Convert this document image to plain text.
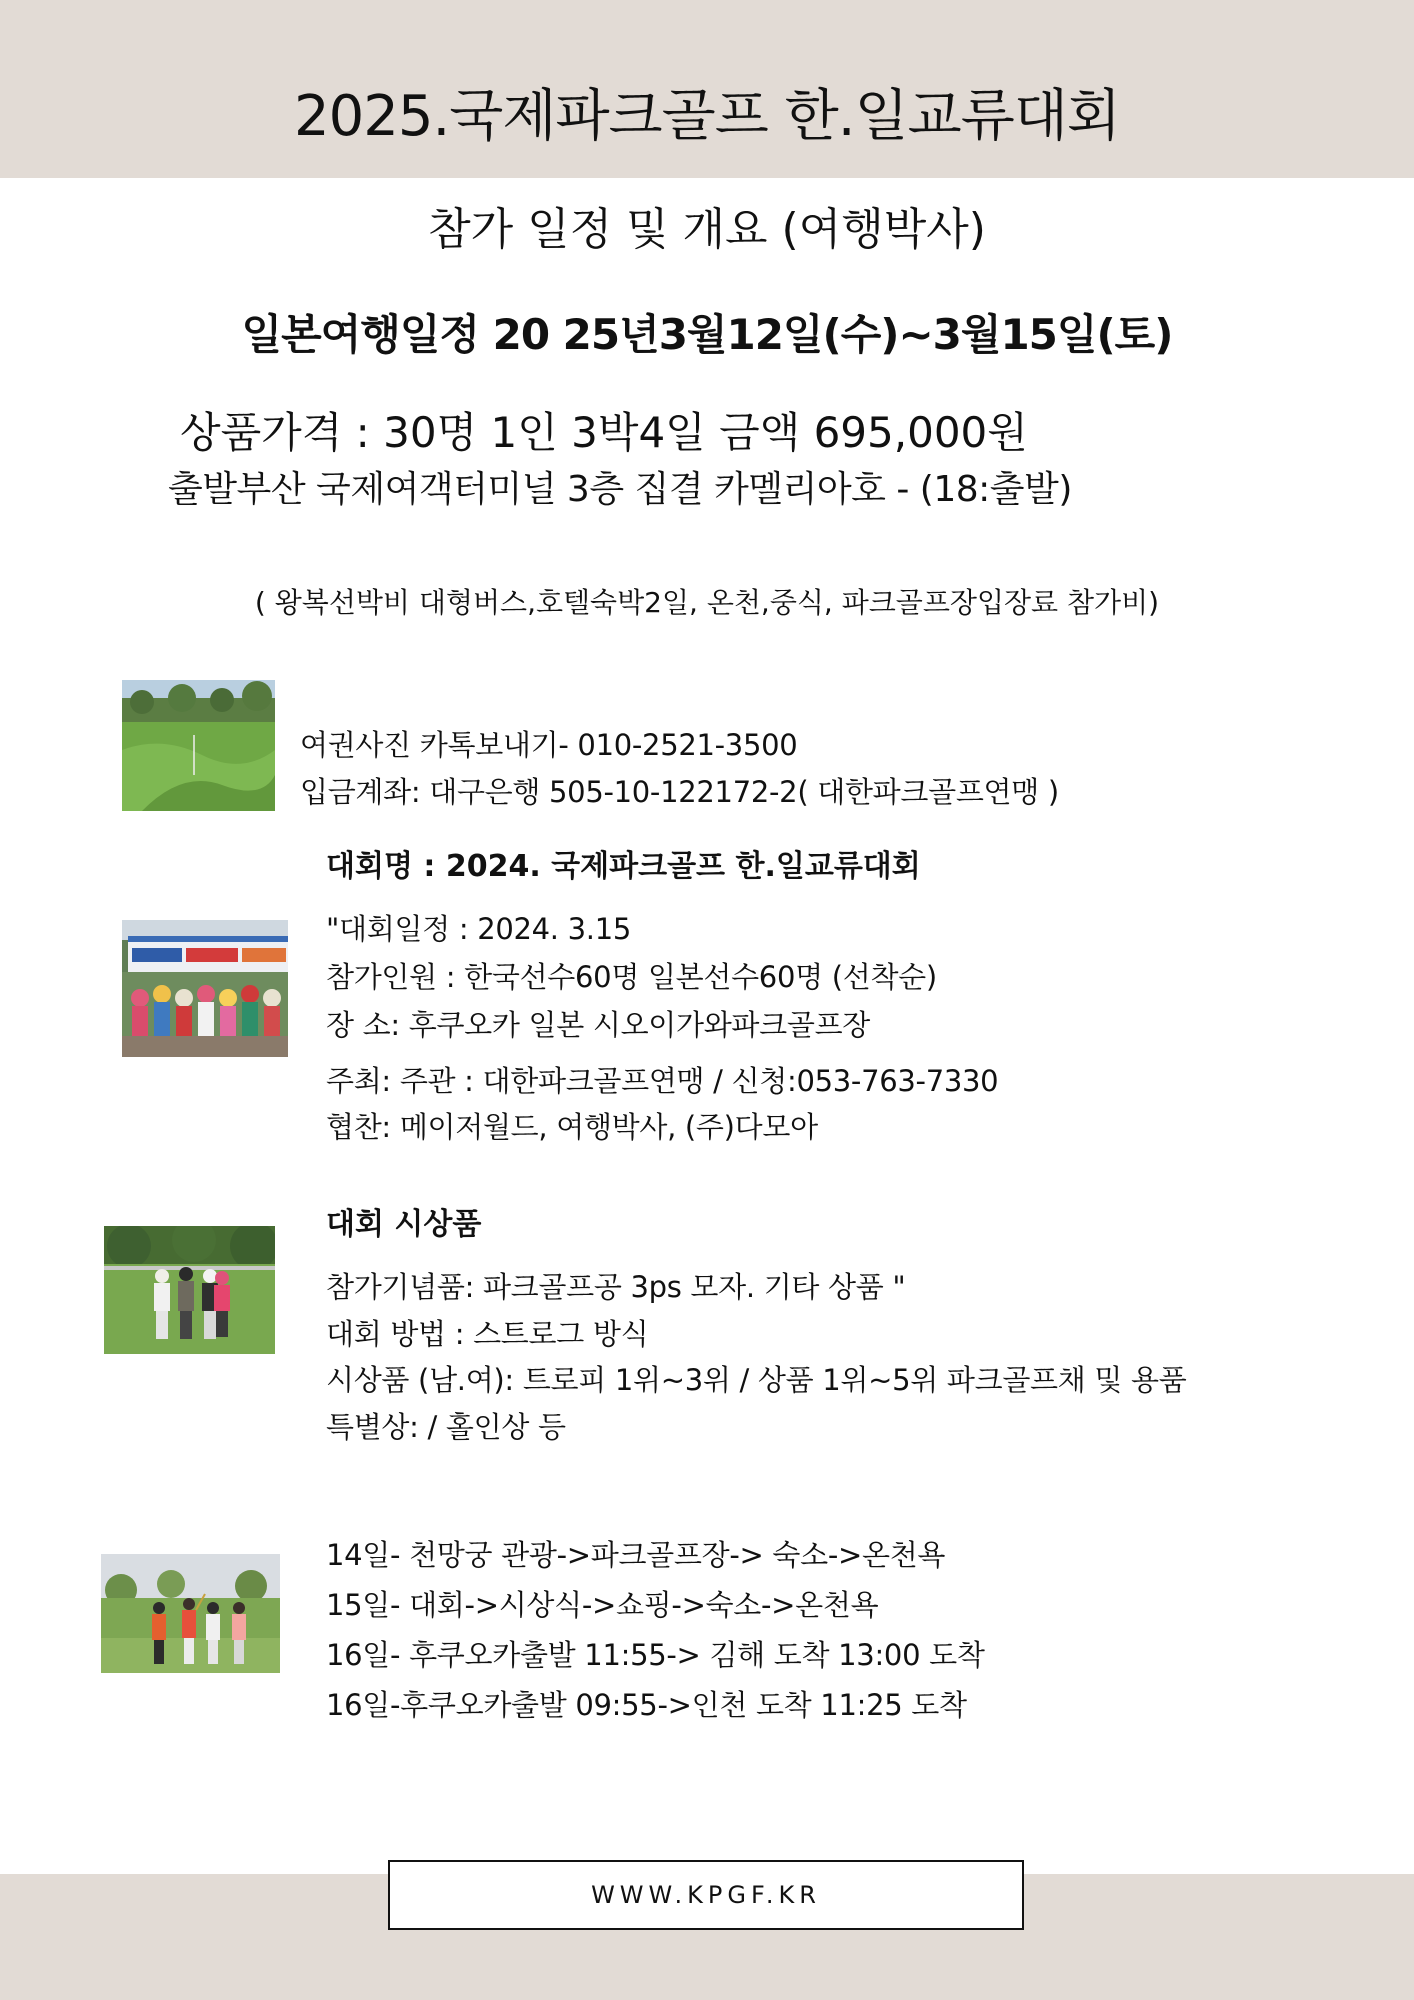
2025.국제파크골프 한.일교류대회
참가 일정 및 개요 (여행박사)
일본여행일정 20 25년3월12일(수)~3월15일(토)
상품가격 : 30명 1인 3박4일 금액 695,000원
출발부산 국제여객터미널 3층 집결 카멜리아호 - (18:출발)
( 왕복선박비 대형버스,호텔숙박2일, 온천,중식, 파크골프장입장료 참가비)
여권사진 카톡보내기- 010-2521-3500
입금계좌: 대구은행 505-10-122172-2( 대한파크골프연맹 )
대회명 : 2024. 국제파크골프 한.일교류대회
"대회일정 : 2024. 3.15
참가인원 : 한국선수60명 일본선수60명 (선착순)
장 소: 후쿠오카 일본 시오이가와파크골프장
주최: 주관 : 대한파크골프연맹 / 신청:053-763-7330
협찬: 메이저월드, 여행박사, (주)다모아
대회 시상품
참가기념품: 파크골프공 3ps 모자. 기타 상품 "
대회 방법 : 스트로그 방식
시상품 (남.여): 트로피 1위~3위 / 상품 1위~5위 파크골프채 및 용품
특별상: / 홀인상 등
14일- 천망궁 관광->파크골프장-> 숙소->온천욕
15일- 대회->시상식->쇼핑->숙소->온천욕
16일- 후쿠오카출발 11:55-> 김해 도착 13:00 도착
16일-후쿠오카출발 09:55->인천 도착 11:25 도착
WWW.KPGF.KR
